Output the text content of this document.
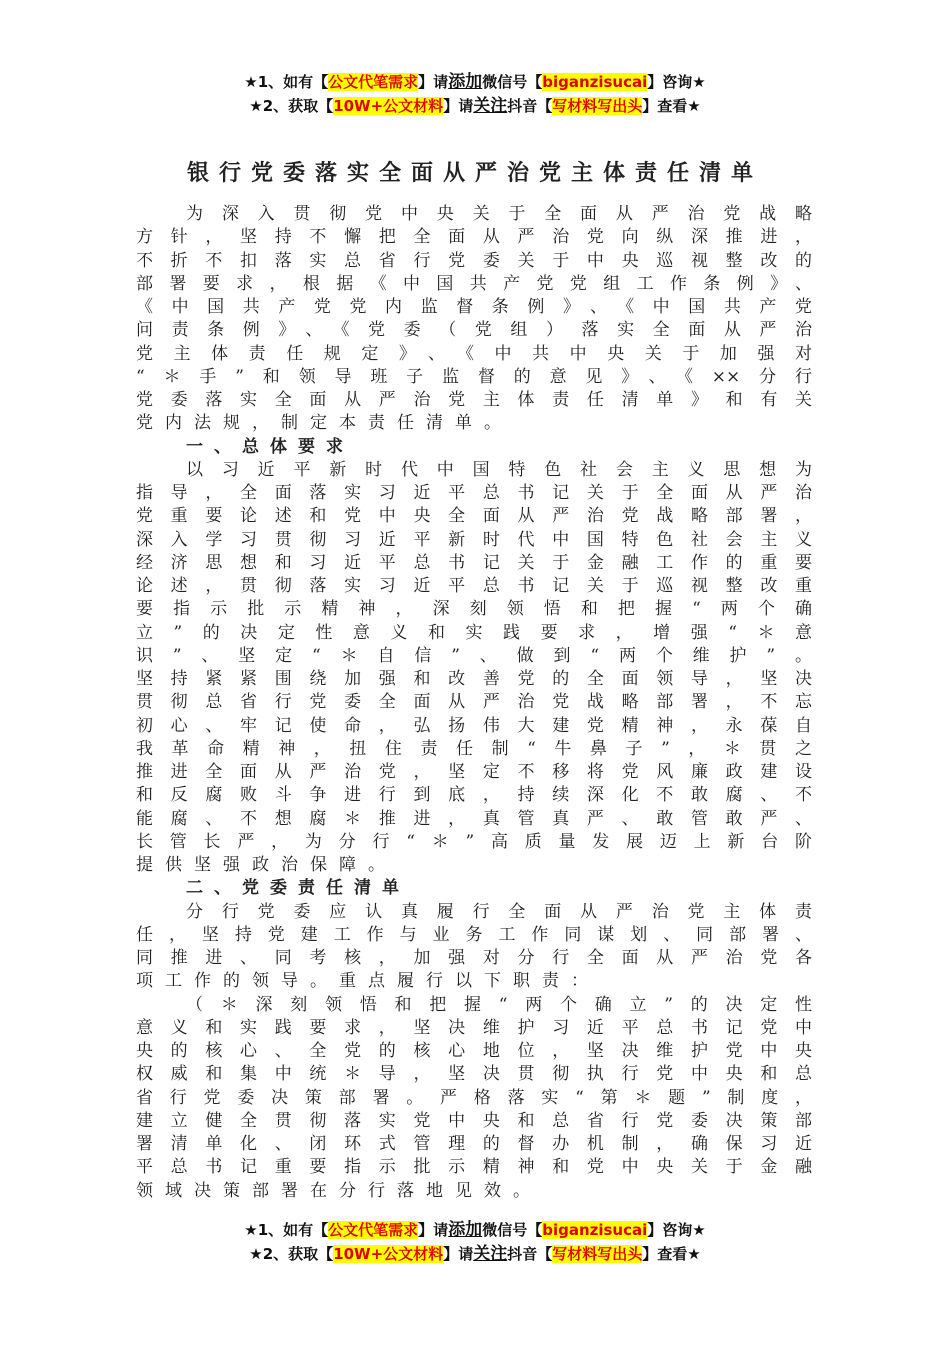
★1、如有【公文代笔需求】请添加微信号【biganzisucai】咨询★
★2、获取【10W+公文材料】请关注抖音【写材料写出头】查看★
银行党委落实全面从严治党主体责任清单
为深入贯彻党中央关于全面从严治党战略
方针，坚持不懈把全面从严治党向纵深推进，
不折不扣落实总省行党委关于中央巡视整改的
部署要求，根据《中国共产党党组工作条例》、
《中国共产党党内监督条例》、《中国共产党
问责条例》、《党委（党组）落实全面从严治
党主体责任规定》、《中共中央关于加强对
“＊手”和领导班子监督的意见》、《××分行
党委落实全面从严治党主体责任清单》和有关
党内法规，制定本责任清单。
一、总体要求
以习近平新时代中国特色社会主义思想为
指导，全面落实习近平总书记关于全面从严治
党重要论述和党中央全面从严治党战略部署，
深入学习贯彻习近平新时代中国特色社会主义
经济思想和习近平总书记关于金融工作的重要
论述，贯彻落实习近平总书记关于巡视整改重
要指示批示精神，深刻领悟和把握“两个确
立”的决定性意义和实践要求，增强“＊意
识”、坚定“＊自信”、做到“两个维护”。
坚持紧紧围绕加强和改善党的全面领导，坚决
贯彻总省行党委全面从严治党战略部署，不忘
初心、牢记使命，弘扬伟大建党精神，永葆自
我革命精神，扭住责任制“牛鼻子”，＊贯之
推进全面从严治党，坚定不移将党风廉政建设
和反腐败斗争进行到底，持续深化不敢腐、不
能腐、不想腐＊推进，真管真严、敢管敢严、
长管长严，为分行“＊”高质量发展迈上新台阶
提供坚强政治保障。
二、党委责任清单
分行党委应认真履行全面从严治党主体责
任，坚持党建工作与业务工作同谋划、同部署、
同推进、同考核，加强对分行全面从严治党各
项工作的领导。重点履行以下职责：
（＊深刻领悟和把握“两个确立”的决定性
意义和实践要求，坚决维护习近平总书记党中
央的核心、全党的核心地位，坚决维护党中央
权威和集中统＊导，坚决贯彻执行党中央和总
省行党委决策部署。严格落实“第＊题”制度，
建立健全贯彻落实党中央和总省行党委决策部
署清单化、闭环式管理的督办机制，确保习近
平总书记重要指示批示精神和党中央关于金融
领域决策部署在分行落地见效。
★1、如有【公文代笔需求】请添加微信号【biganzisucai】咨询★
★2、获取【10W+公文材料】请关注抖音【写材料写出头】查看★
